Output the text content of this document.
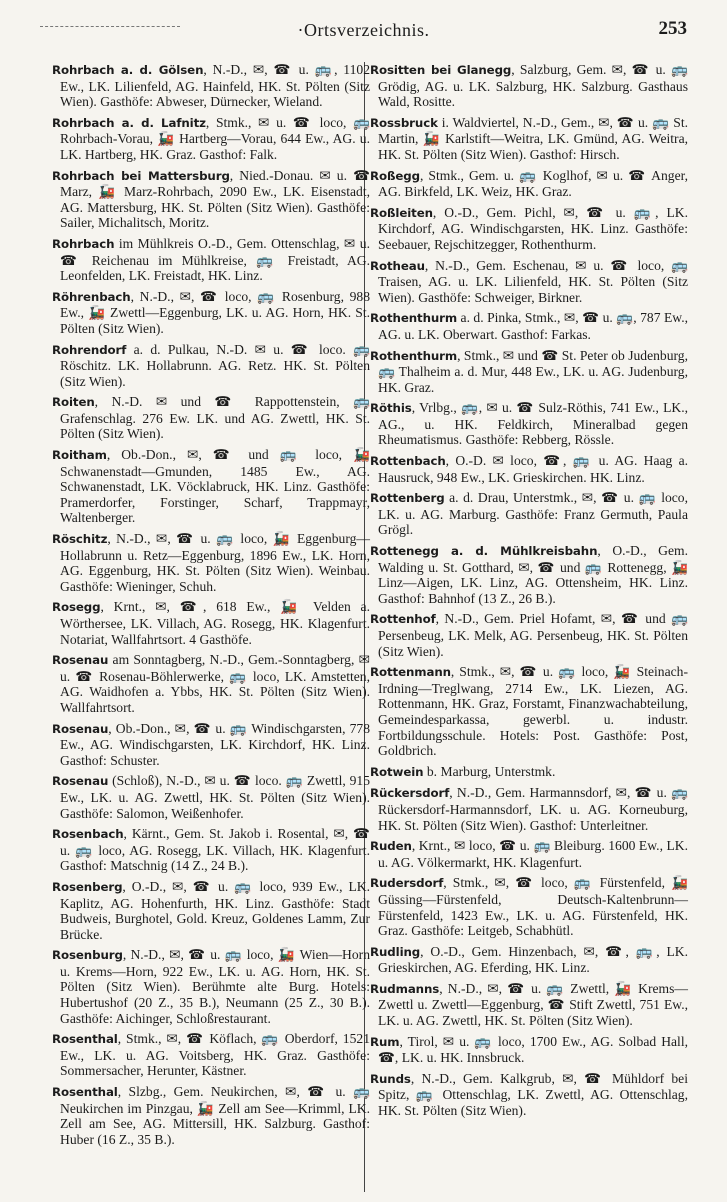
·Ortsverzeichnis.	253

Rohrbach a. d. Gölsen, N.-D., ✉, ☎ u. 🚌, 1102 Ew., LK. Lilienfeld, AG. Hainfeld, HK. St. Pölten (Sitz Wien). Gasthöfe: Abweser, Dürnecker, Wieland.

Rohrbach a. d. Lafnitz, Stmk., ✉ u. ☎ loco, 🚌 Rohrbach-Vorau, 🚂 Hartberg—Vorau, 644 Ew., AG. u. LK. Hartberg, HK. Graz. Gasthof: Falk.

Rohrbach bei Mattersburg, Nied.-Donau. ✉ u. ☎ Marz, 🚂 Marz-Rohrbach, 2090 Ew., LK. Eisenstadt, AG. Mattersburg, HK. St. Pölten (Sitz Wien). Gasthöfe: Sailer, Michalitsch, Moritz.

Rohrbach im Mühlkreis O.-D., Gem. Ottenschlag, ✉ u. ☎ Reichenau im Mühlkreise, 🚌 Freistadt, AG. Leonfelden, LK. Freistadt, HK. Linz.

Röhrenbach, N.-D., ✉, ☎ loco, 🚌 Rosenburg, 988 Ew., 🚂 Zwettl—Eggenburg, LK. u. AG. Horn, HK. St. Pölten (Sitz Wien).

Rohrendorf a. d. Pulkau, N.-D. ✉ u. ☎ loco. 🚌 Röschitz. LK. Hollabrunn. AG. Retz. HK. St. Pölten (Sitz Wien).

Roiten, N.-D. ✉ und ☎ Rappottenstein, 🚌 Grafenschlag. 276 Ew. LK. und AG. Zwettl, HK. St. Pölten (Sitz Wien).

Roitham, Ob.-Don., ✉, ☎ und 🚌 loco, 🚂 Schwanenstadt—Gmunden, 1485 Ew., AG. Schwanenstadt, LK. Vöcklabruck, HK. Linz. Gasthöfe: Pramerdorfer, Forstinger, Scharf, Trappmayr, Waltenberger.

Röschitz, N.-D., ✉, ☎ u. 🚌 loco, 🚂 Eggenburg—Hollabrunn u. Retz—Eggenburg, 1896 Ew., LK. Horn, AG. Eggenburg, HK. St. Pölten (Sitz Wien). Weinbau. Gasthöfe: Wieninger, Schuh.

Rosegg, Krnt., ✉, ☎, 618 Ew., 🚂 Velden a. Wörthersee, LK. Villach, AG. Rosegg, HK. Klagenfurt. Notariat, Wallfahrtsort. 4 Gasthöfe.

Rosenau am Sonntagberg, N.-D., Gem.-Sonntagberg, ✉ u. ☎ Rosenau-Böhlerwerke, 🚌 loco, LK. Amstetten, AG. Waidhofen a. Ybbs, HK. St. Pölten (Sitz Wien). Wallfahrtsort.

Rosenau, Ob.-Don., ✉, ☎ u. 🚌 Windischgarsten, 778 Ew., AG. Windischgarsten, LK. Kirchdorf, HK. Linz. Gasthof: Schuster.

Rosenau (Schloß), N.-D., ✉ u. ☎ loco. 🚌 Zwettl, 915 Ew., LK. u. AG. Zwettl, HK. St. Pölten (Sitz Wien). Gasthöfe: Salomon, Weißenhofer.

Rosenbach, Kärnt., Gem. St. Jakob i. Rosental, ✉, ☎ u. 🚌 loco, AG. Rosegg, LK. Villach, HK. Klagenfurt. Gasthof: Matschnig (14 Z., 24 B.).

Rosenberg, O.-D., ✉, ☎ u. 🚌 loco, 939 Ew., LK. Kaplitz, AG. Hohenfurth, HK. Linz. Gasthöfe: Stadt Budweis, Burghotel, Gold. Kreuz, Goldenes Lamm, Zur Brücke.

Rosenburg, N.-D., ✉, ☎ u. 🚌 loco, 🚂 Wien—Horn u. Krems—Horn, 922 Ew., LK. u. AG. Horn, HK. St. Pölten (Sitz Wien). Berühmte alte Burg. Hotels: Hubertushof (20 Z., 35 B.), Neumann (25 Z., 30 B.). Gasthöfe: Aichinger, Schloßrestaurant.

Rosenthal, Stmk., ✉, ☎ Köflach, 🚌 Oberdorf, 1521 Ew., LK. u. AG. Voitsberg, HK. Graz. Gasthöfe: Sommersacher, Herunter, Kästner.

Rosenthal, Slzbg., Gem. Neukirchen, ✉, ☎ u. 🚌 Neukirchen im Pinzgau, 🚂 Zell am See—Krimml, LK. Zell am See, AG. Mittersill, HK. Salzburg. Gasthof: Huber (16 Z., 35 B.).

Rositten bei Glanegg, Salzburg, Gem. ✉, ☎ u. 🚌 Grödig, AG. u. LK. Salzburg, HK. Salzburg. Gasthaus Wald, Rositte.

Rossbruck i. Waldviertel, N.-D., Gem., ✉, ☎ u. 🚌 St. Martin, 🚂 Karlstift—Weitra, LK. Gmünd, AG. Weitra, HK. St. Pölten (Sitz Wien). Gasthof: Hirsch.

Roßegg, Stmk., Gem. u. 🚌 Koglhof, ✉ u. ☎ Anger, AG. Birkfeld, LK. Weiz, HK. Graz.

Roßleiten, O.-D., Gem. Pichl, ✉, ☎ u. 🚌, LK. Kirchdorf, AG. Windischgarsten, HK. Linz. Gasthöfe: Seebauer, Rejschitzegger, Rothenthurm.

Rotheau, N.-D., Gem. Eschenau, ✉ u. ☎ loco, 🚌 Traisen, AG. u. LK. Lilienfeld, HK. St. Pölten (Sitz Wien). Gasthöfe: Schweiger, Birkner.

Rothenthurm a. d. Pinka, Stmk., ✉, ☎ u. 🚌, 787 Ew., AG. u. LK. Oberwart. Gasthof: Farkas.

Rothenthurm, Stmk., ✉ und ☎ St. Peter ob Judenburg, 🚌 Thalheim a. d. Mur, 448 Ew., LK. u. AG. Judenburg, HK. Graz.

Röthis, Vrlbg., 🚌, ✉ u. ☎ Sulz-Röthis, 741 Ew., LK., AG., u. HK. Feldkirch, Mineralbad gegen Rheumatismus. Gasthöfe: Rebberg, Rössle.

Rottenbach, O.-D. ✉ loco, ☎, 🚌 u. AG. Haag a. Hausruck, 948 Ew., LK. Grieskirchen. HK. Linz.

Rottenberg a. d. Drau, Unterstmk., ✉, ☎ u. 🚌 loco, LK. u. AG. Marburg. Gasthöfe: Franz Germuth, Paula Grögl.

Rottenegg a. d. Mühlkreisbahn, O.-D., Gem. Walding u. St. Gotthard, ✉, ☎ und 🚌 Rottenegg, 🚂 Linz—Aigen, LK. Linz, AG. Ottensheim, HK. Linz. Gasthof: Bahnhof (13 Z., 26 B.).

Rottenhof, N.-D., Gem. Priel Hofamt, ✉, ☎ und 🚌 Persenbeug, LK. Melk, AG. Persenbeug, HK. St. Pölten (Sitz Wien).

Rottenmann, Stmk., ✉, ☎ u. 🚌 loco, 🚂 Steinach-Irdning—Treglwang, 2714 Ew., LK. Liezen, AG. Rottenmann, HK. Graz, Forstamt, Finanzwachabteilung, Gemeindesparkassa, gewerbl. u. industr. Fortbildungsschule. Hotels: Post. Gasthöfe: Post, Goldbrich.

Rotwein b. Marburg, Unterstmk.

Rückersdorf, N.-D., Gem. Harmannsdorf, ✉, ☎ u. 🚌 Rückersdorf-Harmannsdorf, LK. u. AG. Korneuburg, HK. St. Pölten (Sitz Wien). Gasthof: Unterleitner.

Ruden, Krnt., ✉ loco, ☎ u. 🚌 Bleiburg. 1600 Ew., LK. u. AG. Völkermarkt, HK. Klagenfurt.

Rudersdorf, Stmk., ✉, ☎ loco, 🚌 Fürstenfeld, 🚂 Güssing—Fürstenfeld, Deutsch-Kaltenbrunn—Fürstenfeld, 1423 Ew., LK. u. AG. Fürstenfeld, HK. Graz. Gasthöfe: Leitgeb, Schabhütl.

Rudling, O.-D., Gem. Hinzenbach, ✉, ☎, 🚌, LK. Grieskirchen, AG. Eferding, HK. Linz.

Rudmanns, N.-D., ✉, ☎ u. 🚌 Zwettl, 🚂 Krems—Zwettl u. Zwettl—Eggenburg, ☎ Stift Zwettl, 751 Ew., LK. u. AG. Zwettl, HK. St. Pölten (Sitz Wien).

Rum, Tirol, ✉ u. 🚌 loco, 1700 Ew., AG. Solbad Hall, ☎, LK. u. HK. Innsbruck.

Runds, N.-D., Gem. Kalkgrub, ✉, ☎ Mühldorf bei Spitz, 🚌 Ottenschlag, LK. Zwettl, AG. Ottenschlag, HK. St. Pölten (Sitz Wien).
